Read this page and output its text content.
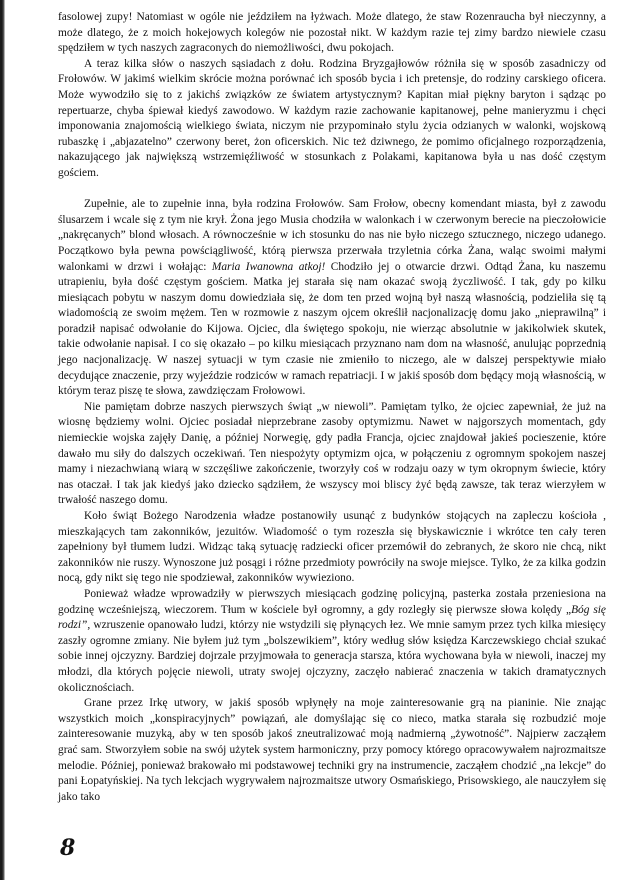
fasolowej zupy! Natomiast w ogóle nie jeździłem na łyżwach. Może dlatego, że staw Rozenraucha był nieczynny, a może dlatego, że z moich hokejowych kolegów nie pozostał nikt. W każdym razie tej zimy bardzo niewiele czasu spędziłem w tych naszych zagraconych do niemożliwości, dwu pokojach.

A teraz kilka słów o naszych sąsiadach z dołu. Rodzina Bryzgajłowów różniła się w sposób zasadniczy od Frołowów. W jakimś wielkim skrócie można porównać ich sposób bycia i ich pretensje, do rodziny carskiego oficera. Może wywodziło się to z jakichś związków ze światem artystycznym? Kapitan miał piękny baryton i sądząc po repertuarze, chyba śpiewał kiedyś zawodowo. W każdym razie zachowanie kapitanowej, pełne manieryzmu i chęci imponowania znajomością wielkiego świata, niczym nie przypominało stylu życia odzianych w walonki, wojskową rubaszkę i „abjazatelno” czerwony beret, żon oficerskich. Nic też dziwnego, że pomimo oficjalnego rozporządzenia, nakazującego jak największą wstrzemięźliwość w stosunkach z Polakami, kapitanowa była u nas dość częstym gościem.

Zupełnie, ale to zupełnie inna, była rodzina Frołowów. Sam Frołow, obecny komendant miasta, był z zawodu ślusarzem i wcale się z tym nie krył. Żona jego Musia chodziła w walonkach i w czerwonym berecie na pieczołowicie „nakręcanych” blond włosach. A równocześnie w ich stosunku do nas nie było niczego sztucznego, niczego udanego. Początkowo była pewna powściągliwość, którą pierwsza przerwała trzyletnia córka Żana, waląc swoimi małymi walonkami w drzwi i wołając: Maria Iwanowna atkoj! Chodziło jej o otwarcie drzwi. Odtąd Żana, ku naszemu utrapieniu, była dość częstym gościem. Matka jej starała się nam okazać swoją życzliwość. I tak, gdy po kilku miesiącach pobytu w naszym domu dowiedziała się, że dom ten przed wojną był naszą własnością, podzieliła się tą wiadomością ze swoim mężem. Ten w rozmowie z naszym ojcem określił nacjonalizację domu jako „nieprawilną” i poradził napisać odwołanie do Kijowa. Ojciec, dla świętego spokoju, nie wierząc absolutnie w jakikolwiek skutek, takie odwołanie napisał. I co się okazało – po kilku miesiącach przyznano nam dom na własność, anulując poprzednią jego nacjonalizację. W naszej sytuacji w tym czasie nie zmieniło to niczego, ale w dalszej perspektywie miało decydujące znaczenie, przy wyjeździe rodziców w ramach repatriacji. I w jakiś sposób dom będący moją własnością, w którym teraz piszę te słowa, zawdzięczam Frołowowi.

Nie pamiętam dobrze naszych pierwszych świąt „w niewoli”. Pamiętam tylko, że ojciec zapewniał, że już na wiosnę będziemy wolni. Ojciec posiadał nieprzebrane zasoby optymizmu. Nawet w najgorszych momentach, gdy niemieckie wojska zajęły Danię, a później Norwegię, gdy padła Francja, ojciec znajdował jakieś pocieszenie, które dawało mu siły do dalszych oczekiwań. Ten niespożyty optymizm ojca, w połączeniu z ogromnym spokojem naszej mamy i niezachwianą wiarą w szczęśliwe zakończenie, tworzyły coś w rodzaju oazy w tym okropnym świecie, który nas otaczał. I tak jak kiedyś jako dziecko sądziłem, że wszyscy moi bliscy żyć będą zawsze, tak teraz wierzyłem w trwałość naszego domu.

Koło świąt Bożego Narodzenia władze postanowiły usunąć z budynków stojących na zapleczu kościoła , mieszkających tam zakonników, jezuitów. Wiadomość o tym rozeszła się błyskawicznie i wkrótce ten cały teren zapełniony był tłumem ludzi. Widząc taką sytuację radziecki oficer przemówił do zebranych, że skoro nie chcą, nikt zakonników nie ruszy. Wynoszone już posągi i różne przedmioty powróciły na swoje miejsce. Tylko, że za kilka godzin nocą, gdy nikt się tego nie spodziewał, zakonników wywieziono.

Ponieważ władze wprowadziły w pierwszych miesiącach godzinę policyjną, pasterka została przeniesiona na godzinę wcześniejszą, wieczorem. Tłum w kościele był ogromny, a gdy rozległy się pierwsze słowa kolędy „Bóg się rodzi”, wzruszenie opanowało ludzi, którzy nie wstydzili się płynących łez. We mnie samym przez tych kilka miesięcy zaszły ogromne zmiany. Nie byłem już tym „bolszewikiem”, który według słów księdza Karczewskiego chciał szukać sobie innej ojczyzny. Bardziej dojrzale przyjmowała to generacja starsza, która wychowana była w niewoli, inaczej my młodzi, dla których pojęcie niewoli, utraty swojej ojczyzny, zaczęło nabierać znaczenia w takich dramatycznych okolicznościach.

Grane przez Irkę utwory, w jakiś sposób wpłynęły na moje zainteresowanie grą na pianinie. Nie znając wszystkich moich „konspiracyjnych” powiązań, ale domyślając się co nieco, matka starała się rozbudzić moje zainteresowanie muzyką, aby w ten sposób jakoś zneutralizować moją nadmierną „żywotność”. Najpierw zacząłem grać sam. Stworzyłem sobie na swój użytek system harmoniczny, przy pomocy którego opracowywałem najrozmaitsze melodie. Później, ponieważ brakowało mi podstawowej techniki gry na instrumencie, zacząłem chodzić „na lekcje” do pani Łopatyńskiej. Na tych lekcjach wygrywałem najrozmaitsze utwory Osmańskiego, Prisowskiego, ale nauczyłem się jako tako

8
